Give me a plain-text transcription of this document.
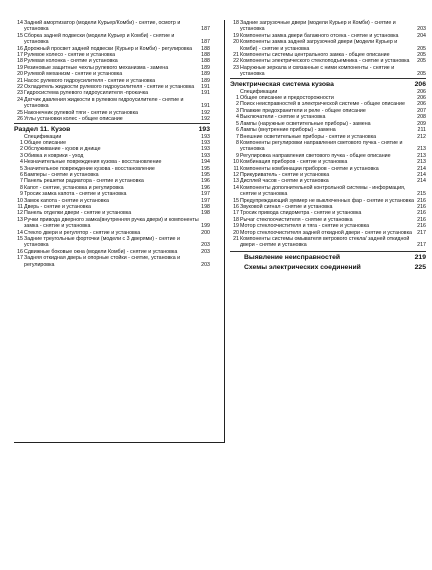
14 Задний амортизатор (модели Курьер/Комби) - снятие, осмотр и установка	187
15 Сборка задней подвески (модели Курьер и Комби) - снятие и установка	187
16 Дорожный просвет задней подвески (Курьер и Комби) - регулировка	188
17 Рулевое колесо - снятие и установка	188
18 Рулевая колонка - снятие и установка	188
19 Резиновые защитные чехлы рулевого механизма - замена	189
20 Рулевой механизм - снятие и установка	189
21 Насос рулевого гидроусилителя - снятие и установка	189
22 Охладитель жидкости рулевого гидроусилителя - снятие и установка	191
23 Гидросистема рулевого гидроусилителя -прокачка	191
24 Датчик давления жидкости в рулевом гидроусилителе - снятие и установка	191
25 Наконечник рулевой тяги - снятие и установка	192
26 Углы установки колес - общее описание	192
Раздел 11. Кузов	193
Спецификации	193
1 Общее описание	193
2 Обслуживание - кузов и днище	193
3 Обивка и коврики - уход	193
4 Незначительные повреждения кузова - восстановление	194
5 Значительное повреждение кузова - восстановление	195
6 Бамперы - снятие и установка	195
7 Панель решетки радиатора - снятие и установка	196
8 Капот - снятие, установка и регулировка	196
9 Тросик замка капота - снятие и установка	197
10 Замок капота - снятие и установка	197
11 Дверь - снятие и установка	198
12 Панель отделки двери - снятие и установка	198
13 Ручки привода дверного замка(внутренняя ручка двери) и компоненты замка - снятие и установка	199
14 Стекло двери и регулятор - снятие и установка	200
15 Задние треугольные форточки (модели с 3 дверями) - снятие и установка	203
16 Сдвижные боковые окна (модели Комби) - снятие и установка	203
17 Задняя откидная дверь и опорные стойки - снятие, установка и регулировка	203
18 Задние загрузочные двери (модели Курьер и Комби) - снятие и установка	203
19 Компоненты замка двери багажного отсека - снятие и установка	204
20 Компоненты замка задней загрузочной двери (модели Курьер и Комби) - снятие и установка	205
21 Компоненты системы центрального замка - общее описание	205
22 Компоненты электрического стеклоподъемника - снятие и установка	205
23 Наружные зеркала и связанные с ними компоненты - снятие и установка	205
Электрическая система кузова	206
Спецификации	206
1 Общее описание и предосторожности	206
2 Поиск неисправностей в электрической системе - общее описание	206
3 Плавкие предохранители и реле - общее описание	207
4 Выключатели - снятие и установка	208
5 Лампы (наружные осветительные приборы) - замена	209
6 Лампы (внутренние приборы) - замена	211
7 Внешние осветительные приборы - снятие и установка	212
8 Компоненты регулировки направления светового пучка - снятие и установка	213
9 Регулировка направления светового пучка - общее описание	213
10 Комбинация приборов - снятие и установка	213
11 Компоненты комбинации приборов - снятие и установка	214
12 Прикуриватель - снятие и установка	214
13 Дисплей часов - снятие и установка	214
14 Компоненты дополнительной контрольной системы - информация, снятие и установка	215
15 Предупреждающий зуммер не выключенных фар - снятие и установка 216
16 Звуковой сигнал - снятие и установка	216
17 Тросик привода спидометра - снятие и установка	216
18 Рычаг стеклоочистителя - снятие и установка	216
19 Мотор стеклоочистителя и тяга - снятие и установка	216
20 Мотор стеклоочистителя задней откидной двери - снятие и установка 217
21 Компоненты системы омывателя ветрового стекла/ задней откидной двери - снятие и установка	217
Выявление неисправностей	219
Схемы электрических соединений	225
